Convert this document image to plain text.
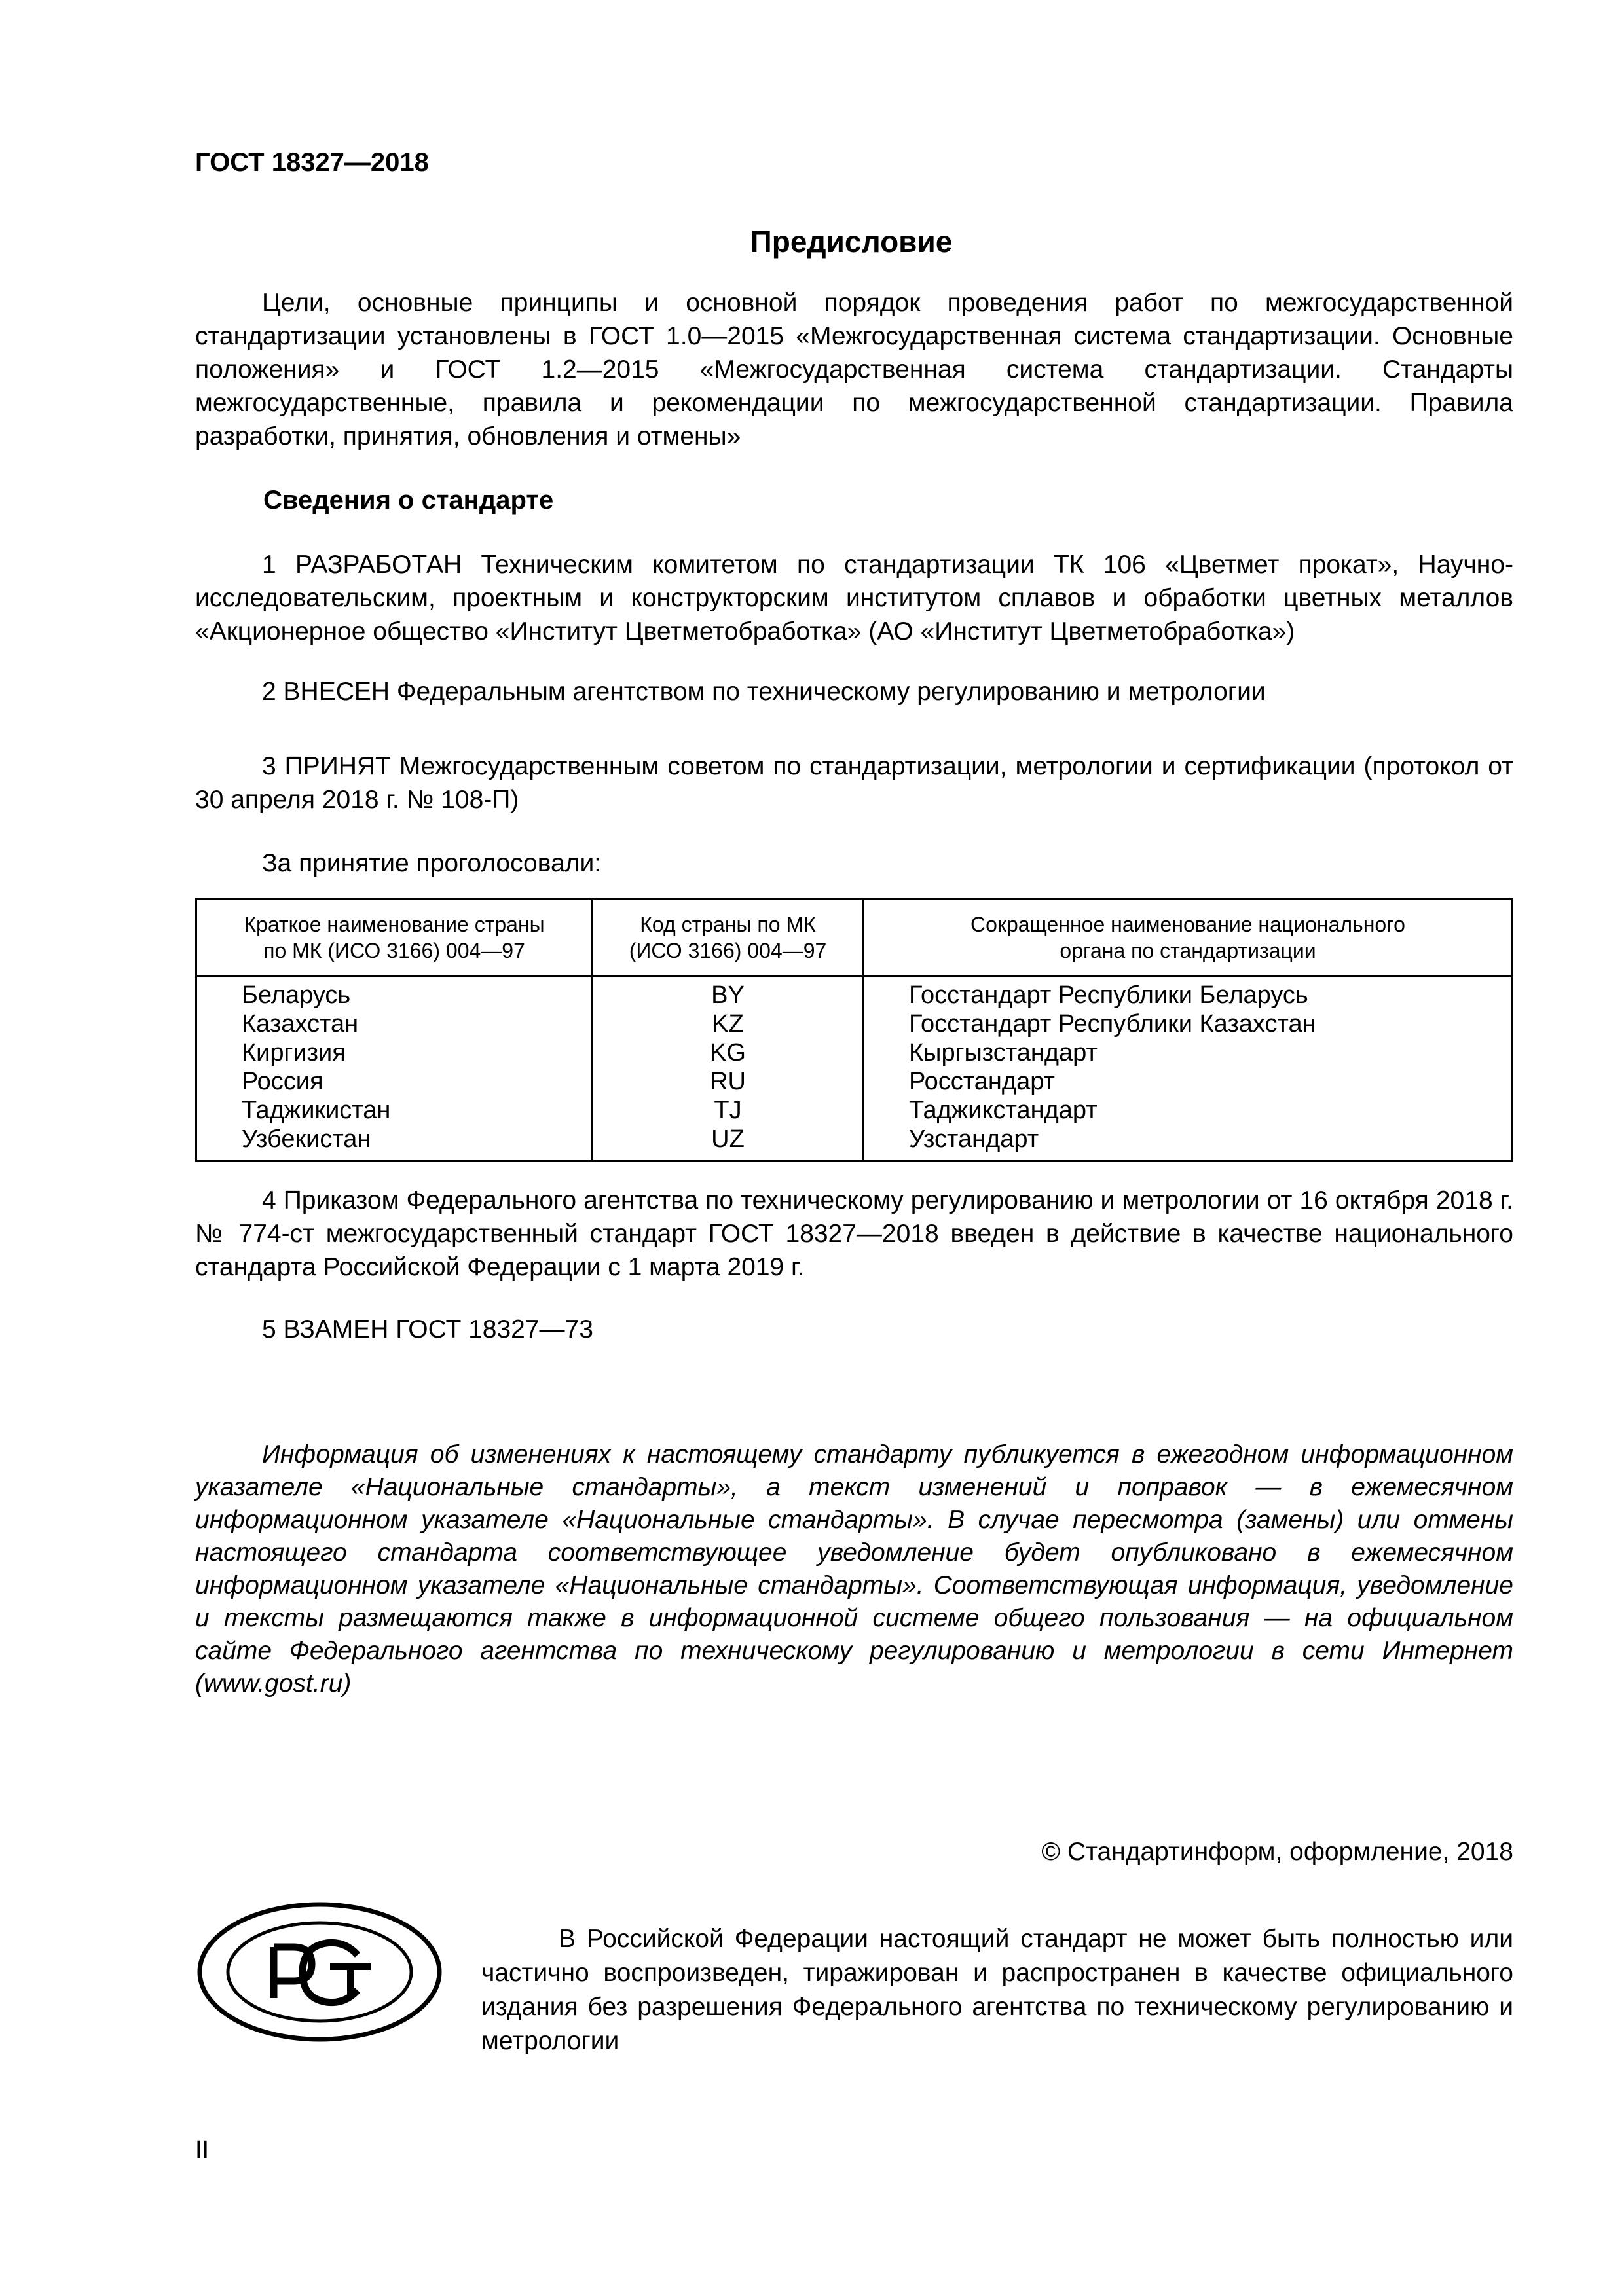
ГОСТ 18327—2018
Предисловие
Цели, основные принципы и основной порядок проведения работ по межгосударственной стандартизации установлены в ГОСТ 1.0—2015 «Межгосударственная система стандартизации. Основные положения» и ГОСТ 1.2—2015 «Межгосударственная система стандартизации. Стандарты межгосударственные, правила и рекомендации по межгосударственной стандартизации. Правила разработки, принятия, обновления и отмены»
Сведения о стандарте
1 РАЗРАБОТАН Техническим комитетом по стандартизации ТК 106 «Цветмет прокат», Научно-исследовательским, проектным и конструкторским институтом сплавов и обработки цветных металлов «Акционерное общество «Институт Цветметобработка» (АО «Институт Цветметобработка»)
2 ВНЕСЕН Федеральным агентством по техническому регулированию и метрологии
3 ПРИНЯТ Межгосударственным советом по стандартизации, метрологии и сертификации (протокол от 30 апреля 2018 г. № 108-П)
За принятие проголосовали:
Краткое наименование страны по МК (ИСО 3166) 004—97
Беларусь
Казахстан
Киргизия
Россия
Таджикистан
Узбекистан
Код страны по МК (ИСО 3166) 004—97
BY
KZ
KG
RU
TJ
UZ
Сокращенное наименование национального органа по стандартизации
Госстандарт Республики Беларусь
Госстандарт Республики Казахстан
Кыргызстандарт
Росстандарт
Таджикстандарт
Узстандарт
4 Приказом Федерального агентства по техническому регулированию и метрологии от 16 октября 2018 г. № 774-ст межгосударственный стандарт ГОСТ 18327—2018 введен в действие в качестве национального стандарта Российской Федерации с 1 марта 2019 г.
5 ВЗАМЕН ГОСТ 18327—73
Информация об изменениях к настоящему стандарту публикуется в ежегодном информационном указателе «Национальные стандарты», а текст изменений и поправок — в ежемесячном информационном указателе «Национальные стандарты». В случае пересмотра (замены) или отмены настоящего стандарта соответствующее уведомление будет опубликовано в ежемесячном информационном указателе «Национальные стандарты». Соответствующая информация, уведомление и тексты размещаются также в информационной системе общего пользования — на официальном сайте Федерального агентства по техническому регулированию и метрологии в сети Интернет (www.gost.ru)
© Стандартинформ, оформление, 2018
В Российской Федерации настоящий стандарт не может быть полностью или частично воспроизведен, тиражирован и распространен в качестве официального издания без разрешения Федерального агентства по техническому регулированию и метрологии
II
